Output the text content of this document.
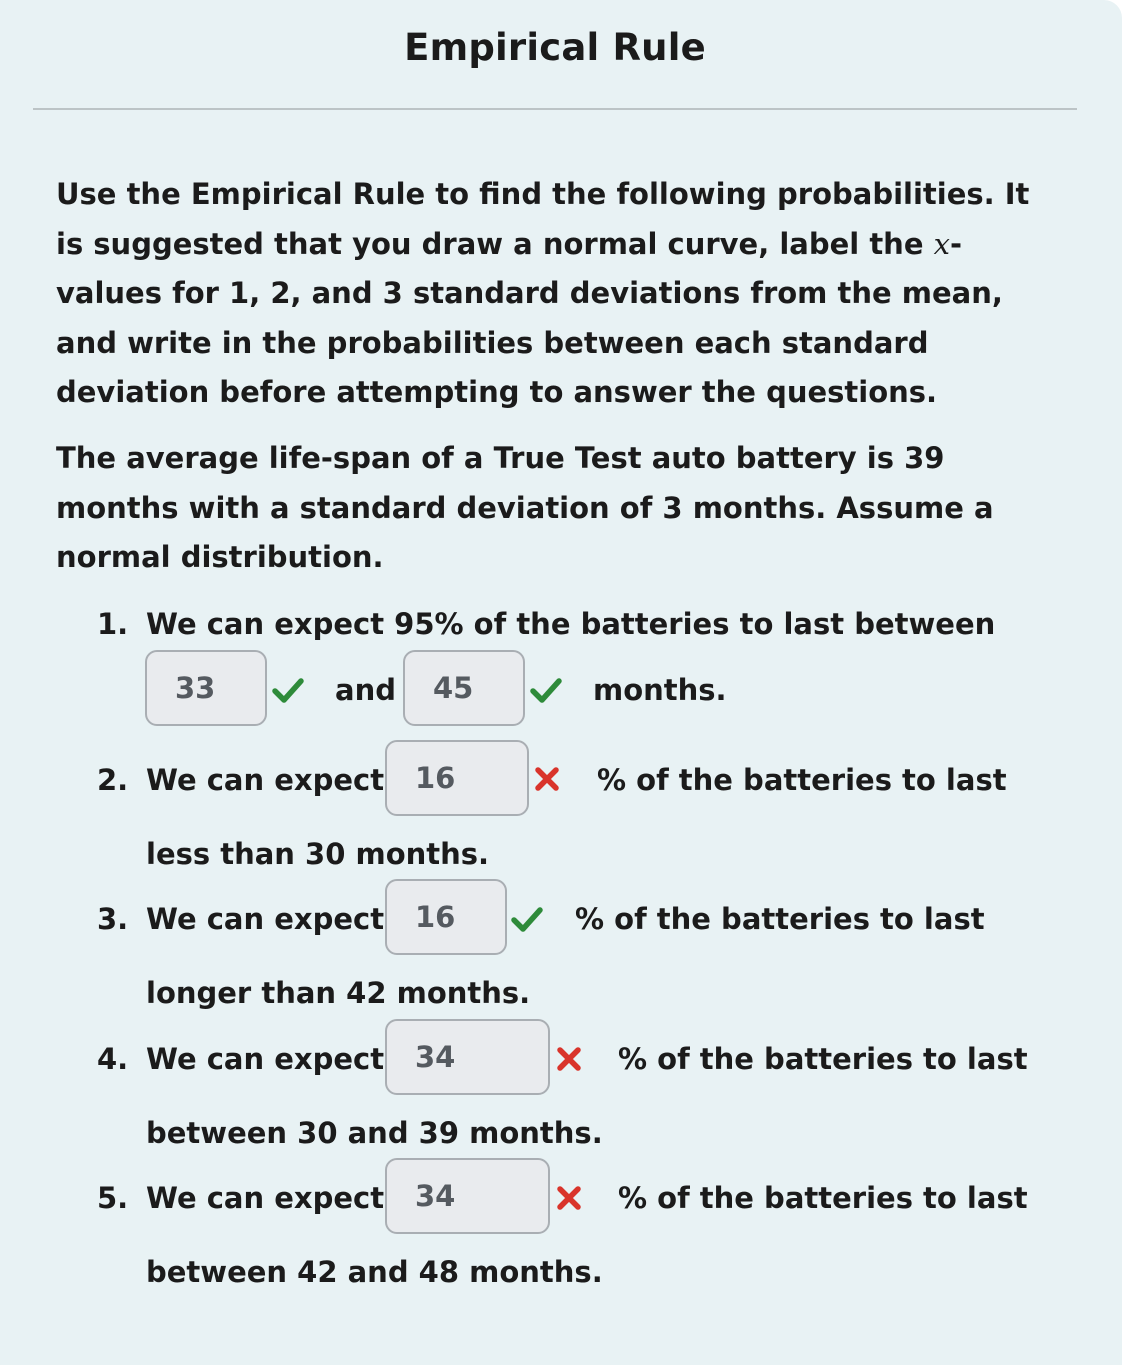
Empirical Rule
Use the Empirical Rule to find the following probabilities. It is suggested that you draw a normal curve, label the x-values for 1, 2, and 3 standard deviations from the mean, and write in the probabilities between each standard deviation before attempting to answer the questions.
The average life-span of a True Test auto battery is 39 months with a standard deviation of 3 months. Assume a normal distribution.
1. We can expect 95% of the batteries to last between
33
and
45	months.
2. We can expect
16	% of the batteries to last
less than 30 months.
3. We can expect
16	% of the batteries to last
longer than 42 months.
4. We can expect
34	% of the batteries to last
between 30 and 39 months.
5. We can expect
34	% of the batteries to last
between 42 and 48 months.
